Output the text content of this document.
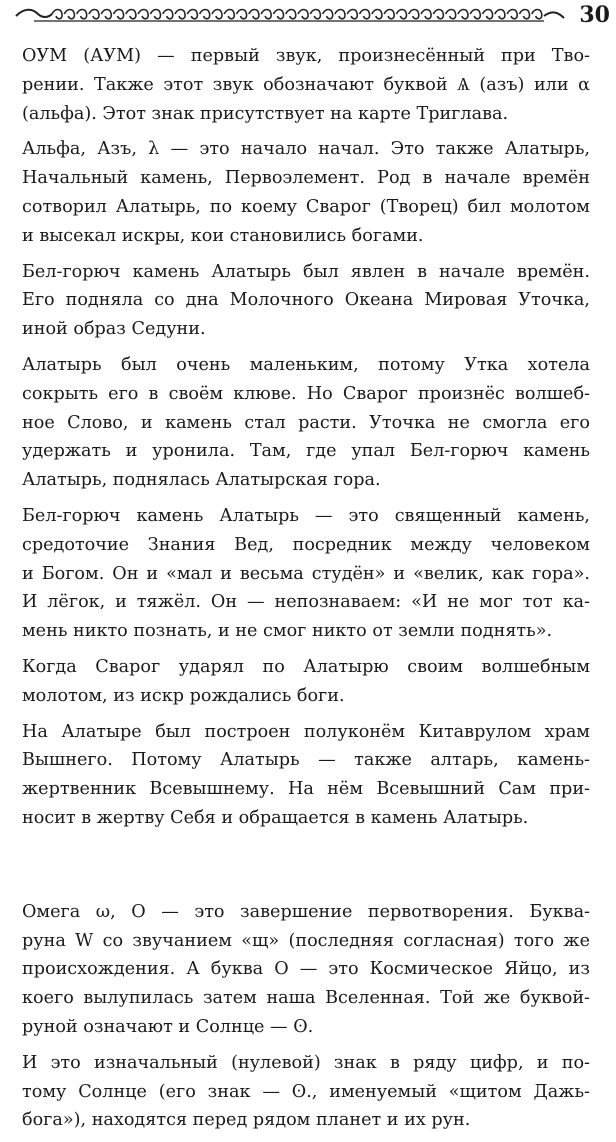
30
ОУМ (АУМ) — первый звук, произнесённый при Тво-
рении. Также этот звук обозначают буквой Ѧ (азъ) или α
(альфа). Этот знак присутствует на карте Триглава.
Альфа, Азъ, λ — это начало начал. Это также Алатырь,
Начальный камень, Первоэлемент. Род в начале времён
сотворил Алатырь, по коему Сварог (Творец) бил молотом
и высекал искры, кои становились богами.
Бел-горюч камень Алатырь был явлен в начале времён.
Его подняла со дна Молочного Океана Мировая Уточка,
иной образ Седуни.
Алатырь был очень маленьким, потому Утка хотела
сокрыть его в своём клюве. Но Сварог произнёс волшеб-
ное Слово, и камень стал расти. Уточка не смогла его
удержать и уронила. Там, где упал Бел-горюч камень
Алатырь, поднялась Алатырская гора.
Бел-горюч камень Алатырь — это священный камень,
средоточие Знания Вед, посредник между человеком
и Богом. Он и «мал и весьма студён» и «велик, как гора».
И лёгок, и тяжёл. Он — непознаваем: «И не мог тот ка-
мень никто познать, и не смог никто от земли поднять».
Когда Сварог ударял по Алатырю своим волшебным
молотом, из искр рождались боги.
На Алатыре был построен полуконём Китаврулом храм
Вышнего. Потому Алатырь — также алтарь, камень-
жертвенник Всевышнему. На нём Всевышний Сам при-
носит в жертву Себя и обращается в камень Алатырь.
Омега ω, О — это завершение первотворения. Буква-
руна W со звучанием «щ» (последняя согласная) того же
происхождения. А буква О — это Космическое Яйцо, из
коего вылупилась затем наша Вселенная. Той же буквой-
руной означают и Солнце — ʘ.
И это изначальный (нулевой) знак в ряду цифр, и по-
тому Солнце (его знак — ʘ., именуемый «щитом Дажь-
бога»), находятся перед рядом планет и их рун.
